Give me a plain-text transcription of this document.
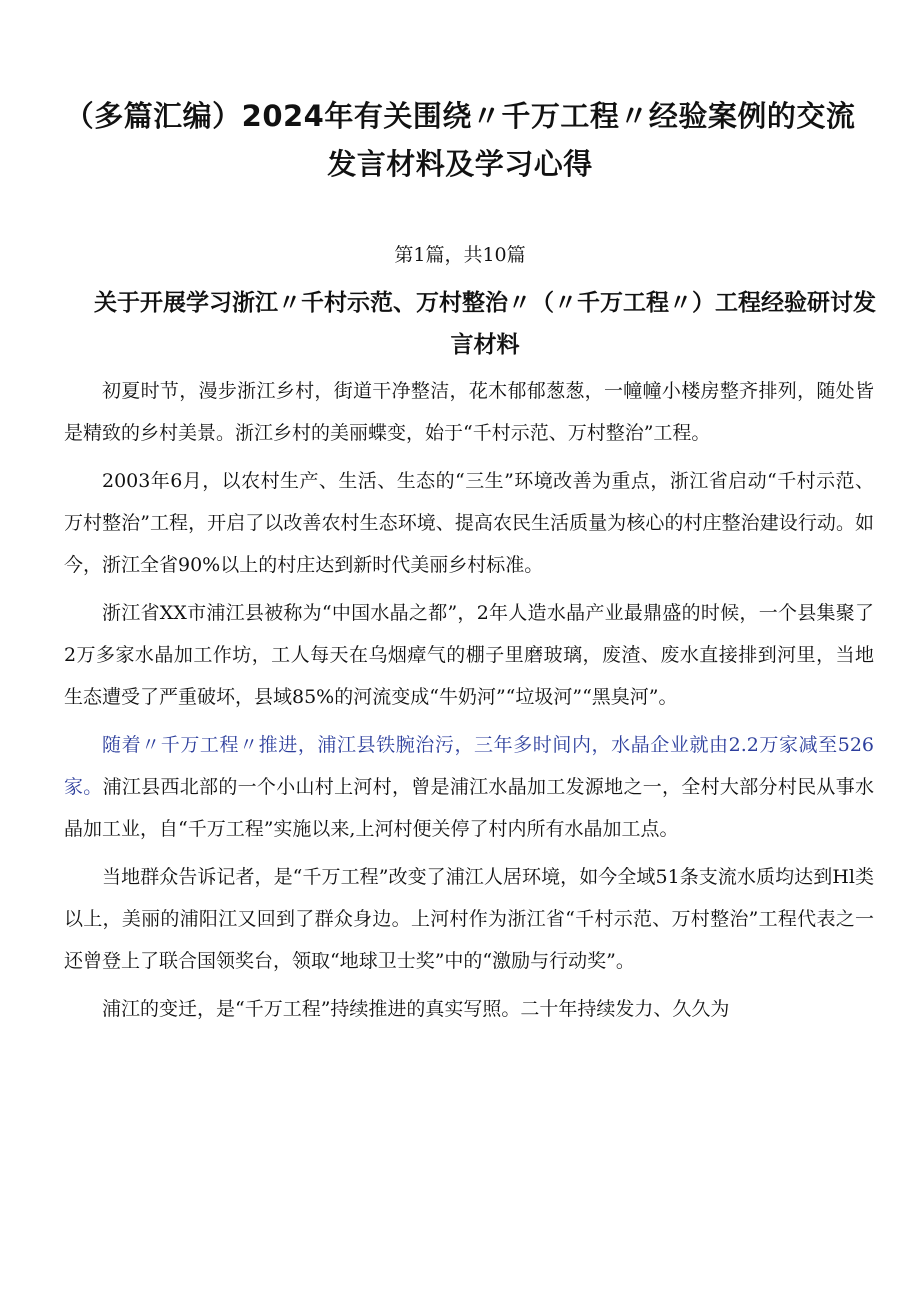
（多篇汇编）2024年有关围绕〃千万工程〃经验案例的交流发言材料及学习心得

第1篇，共10篇

关于开展学习浙江〃千村示范、万村整治〃（〃千万工程〃）工程经验研讨发言材料

初夏时节，漫步浙江乡村，街道干净整洁，花木郁郁葱葱，一幢幢小楼房整齐排列，随处皆是精致的乡村美景。浙江乡村的美丽蝶变，始于“千村示范、万村整治”工程。

2003年6月，以农村生产、生活、生态的“三生”环境改善为重点，浙江省启动“千村示范、万村整治”工程，开启了以改善农村生态环境、提高农民生活质量为核心的村庄整治建设行动。如今，浙江全省90%以上的村庄达到新时代美丽乡村标准。

浙江省XX市浦江县被称为“中国水晶之都”，2年人造水晶产业最鼎盛的时候，一个县集聚了2万多家水晶加工作坊，工人每天在乌烟瘴气的棚子里磨玻璃，废渣、废水直接排到河里，当地生态遭受了严重破坏，县域85%的河流变成“牛奶河”“垃圾河”“黑臭河”。

随着〃千万工程〃推进，浦江县铁腕治污，三年多时间内，水晶企业就由2.2万家减至526家。浦江县西北部的一个小山村上河村，曾是浦江水晶加工发源地之一，全村大部分村民从事水晶加工业，自“千万工程”实施以来,上河村便关停了村内所有水晶加工点。

当地群众告诉记者，是“千万工程”改变了浦江人居环境，如今全域51条支流水质均达到Hl类以上，美丽的浦阳江又回到了群众身边。上河村作为浙江省“千村示范、万村整治”工程代表之一还曾登上了联合国领奖台，领取“地球卫士奖”中的“激励与行动奖”。

浦江的变迁，是“千万工程”持续推进的真实写照。二十年持续发力、久久为
